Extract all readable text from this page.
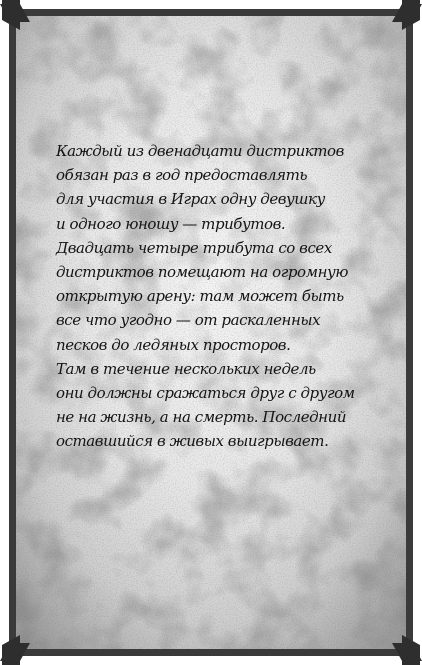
Каждый из двенадцати дистриктов
обязан раз в год предоставлять
для участия в Играх одну девушку
и одного юношу — трибутов.
Двадцать четыре трибута со всех
дистриктов помещают на огромную
открытую арену: там может быть
все что угодно — от раскаленных
песков до ледяных просторов.
Там в течение нескольких недель
они должны сражаться друг с другом
не на жизнь, а на смерть. Последний
оставшийся в живых выигрывает.
